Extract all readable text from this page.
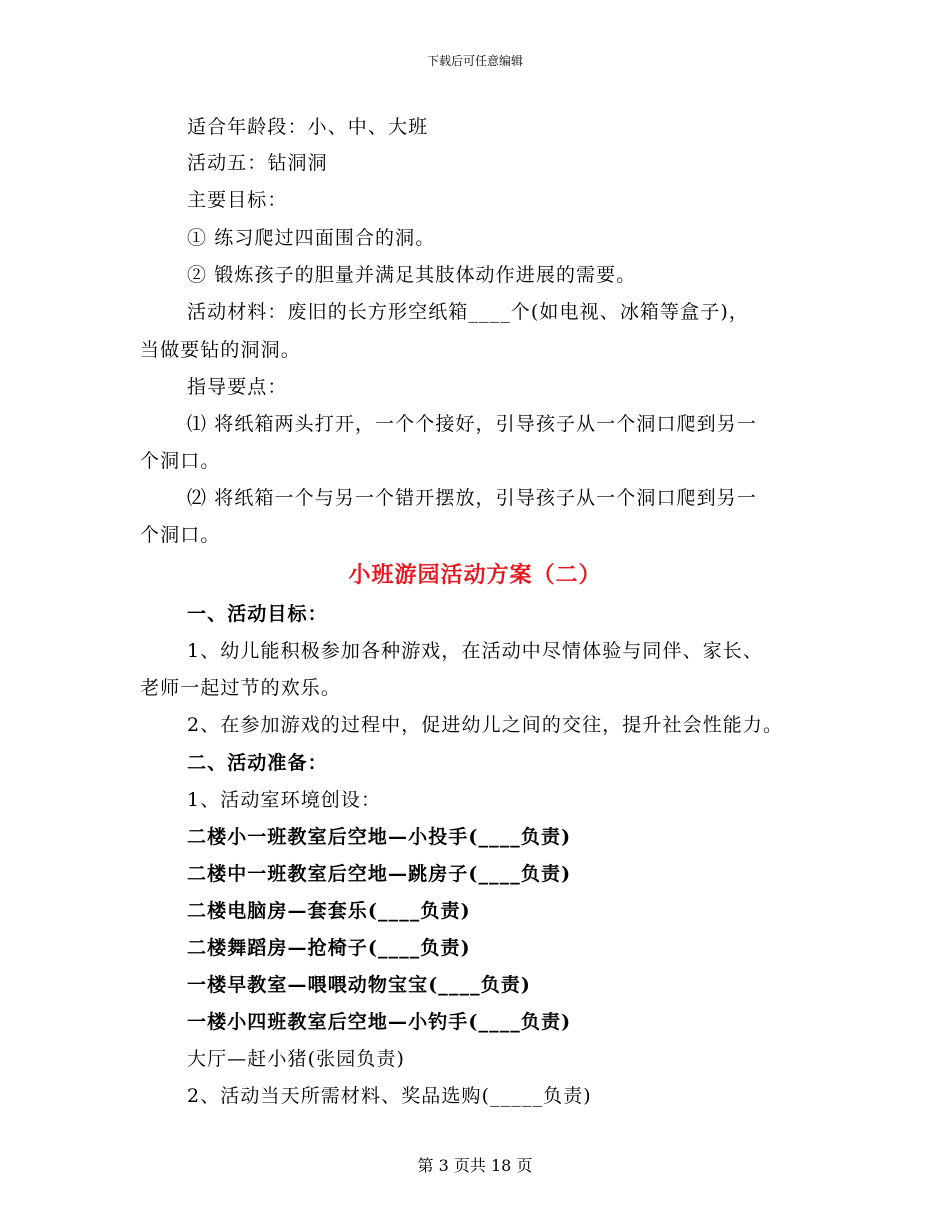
下载后可任意编辑
适合年龄段：小、中、大班
活动五：钻洞洞
主要目标：
① 练习爬过四面围合的洞。
② 锻炼孩子的胆量并满足其肢体动作进展的需要。
活动材料：废旧的长方形空纸箱____个(如电视、冰箱等盒子)，
当做要钻的洞洞。
指导要点：
⑴ 将纸箱两头打开，一个个接好，引导孩子从一个洞口爬到另一
个洞口。
⑵ 将纸箱一个与另一个错开摆放，引导孩子从一个洞口爬到另一
个洞口。
小班游园活动方案（二）
一、活动目标：
1、幼儿能积极参加各种游戏，在活动中尽情体验与同伴、家长、
老师一起过节的欢乐。
2、在参加游戏的过程中，促进幼儿之间的交往，提升社会性能力。
二、活动准备：
1、活动室环境创设：
二楼小一班教室后空地—小投手(____负责)
二楼中一班教室后空地—跳房子(____负责)
二楼电脑房—套套乐(____负责)
二楼舞蹈房—抢椅子(____负责)
一楼早教室—喂喂动物宝宝(____负责)
一楼小四班教室后空地—小钓手(____负责)
大厅—赶小猪(张园负责)
2、活动当天所需材料、奖品选购(_____负责)
第 3 页共 18 页
